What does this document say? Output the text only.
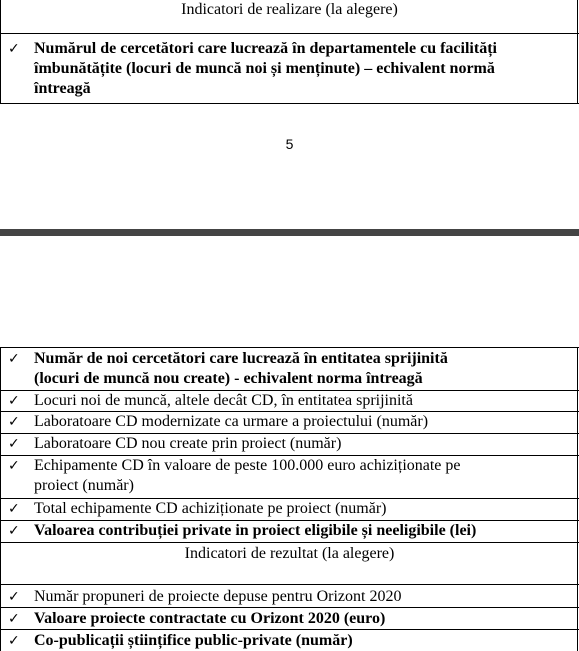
Indicatori de realizare (la alegere)
✓ Numărul de cercetători care lucrează în departamentele cu facilități
îmbunătățite (locuri de muncă noi și menținute) – echivalent normă
întreagă
5
✓ Număr de noi cercetători care lucrează în entitatea sprijinită
(locuri de muncă nou create) - echivalent norma întreagă
✓ Locuri noi de muncă, altele decât CD, în entitatea sprijinită
✓ Laboratoare CD modernizate ca urmare a proiectului (număr)
✓ Laboratoare CD nou create prin proiect (număr)
✓ Echipamente CD în valoare de peste 100.000 euro achiziționate pe
proiect (număr)
✓ Total echipamente CD achiziționate pe proiect (număr)
✓ Valoarea contribuției private in proiect eligibile și neeligibile (lei)
Indicatori de rezultat (la alegere)
✓ Număr propuneri de proiecte depuse pentru Orizont 2020
✓ Valoare proiecte contractate cu Orizont 2020 (euro)
✓ Co-publicații științifice public-private (număr)
